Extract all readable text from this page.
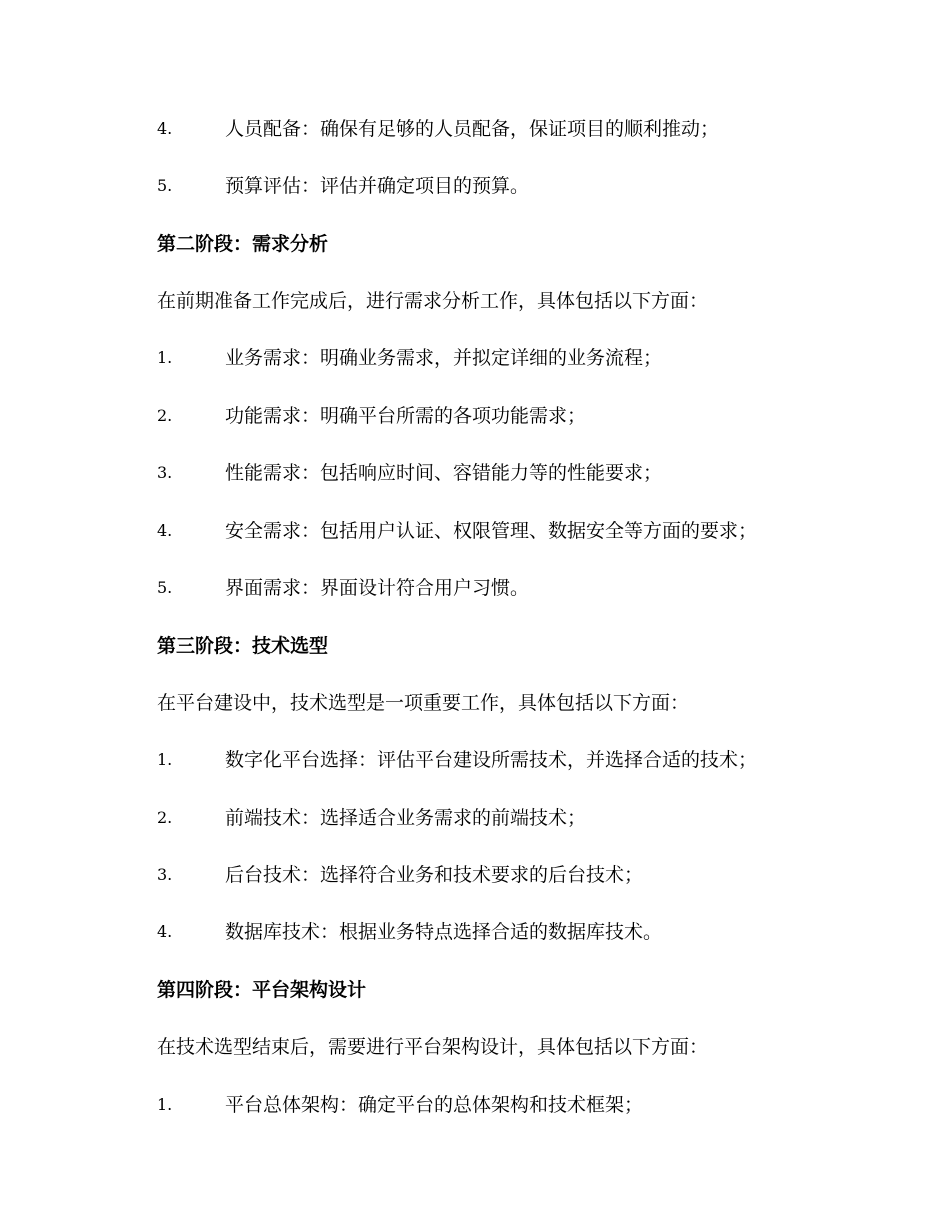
4.	人员配备：确保有足够的人员配备，保证项目的顺利推动；
5.	预算评估：评估并确定项目的预算。
第二阶段：需求分析
在前期准备工作完成后，进行需求分析工作，具体包括以下方面：
1.	业务需求：明确业务需求，并拟定详细的业务流程；
2.	功能需求：明确平台所需的各项功能需求；
3.	性能需求：包括响应时间、容错能力等的性能要求；
4.	安全需求：包括用户认证、权限管理、数据安全等方面的要求；
5.	界面需求：界面设计符合用户习惯。
第三阶段：技术选型
在平台建设中，技术选型是一项重要工作，具体包括以下方面：
1.	数字化平台选择：评估平台建设所需技术，并选择合适的技术；
2.	前端技术：选择适合业务需求的前端技术；
3.	后台技术：选择符合业务和技术要求的后台技术；
4.	数据库技术：根据业务特点选择合适的数据库技术。
第四阶段：平台架构设计
在技术选型结束后，需要进行平台架构设计，具体包括以下方面：
1.	平台总体架构：确定平台的总体架构和技术框架；
